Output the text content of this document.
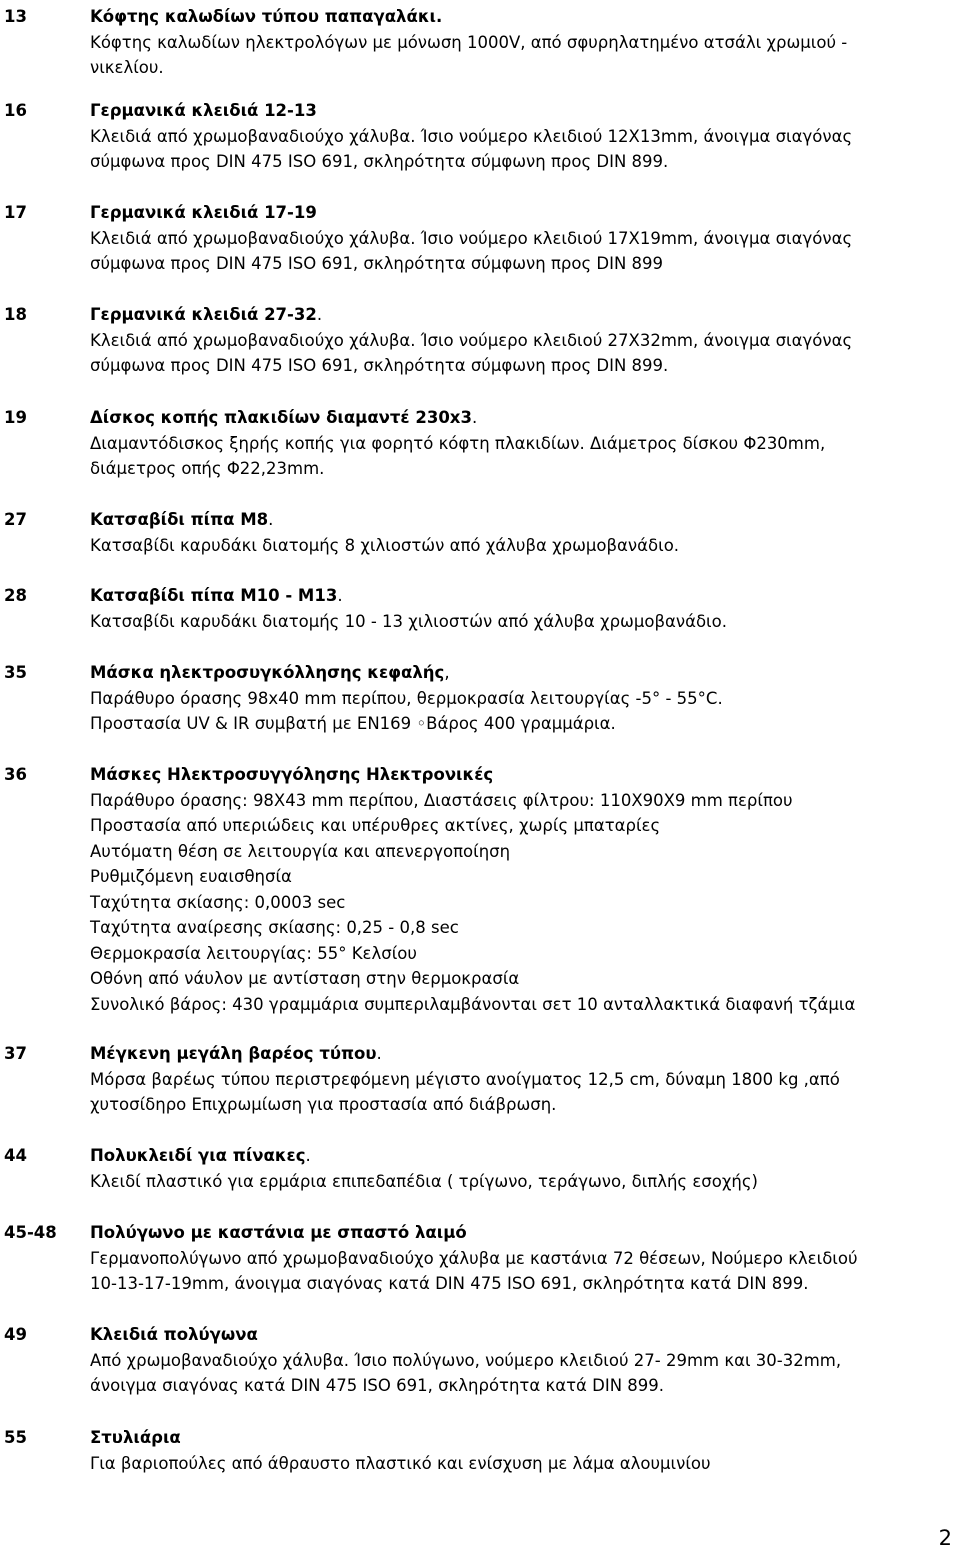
13	Κόφτης καλωδίων τύπου παπαγαλάκι.
Κόφτης καλωδίων ηλεκτρολόγων με μόνωση 1000V, από σφυρηλατημένο ατσάλι χρωμιού -
νικελίου.
16	Γερμανικά κλειδιά 12-13
Κλειδιά από χρωμοβαναδιούχο χάλυβα. Ίσιο νούμερο κλειδιού 12Χ13mm, άνοιγμα σιαγόνας
σύμφωνα προς DIN 475 ISO 691, σκληρότητα σύμφωνη προς DIN 899.
17	Γερμανικά κλειδιά 17-19
Κλειδιά από χρωμοβαναδιούχο χάλυβα. Ίσιο νούμερο κλειδιού 17Χ19mm, άνοιγμα σιαγόνας
σύμφωνα προς DIN 475 ISO 691, σκληρότητα σύμφωνη προς DIN 899
18	Γερμανικά κλειδιά 27-32.
Κλειδιά από χρωμοβαναδιούχο χάλυβα. Ίσιο νούμερο κλειδιού 27Χ32mm, άνοιγμα σιαγόνας
σύμφωνα προς DIN 475 ISO 691, σκληρότητα σύμφωνη προς DIN 899.
19	Δίσκος κοπής πλακιδίων διαμαντέ 230x3.
Διαμαντόδισκος ξηρής κοπής για φορητό κόφτη πλακιδίων. Διάμετρος δίσκου Φ230mm,
διάμετρος οπής Φ22,23mm.
27	Κατσαβίδι πίπα Μ8.
Κατσαβίδι καρυδάκι διατομής 8 χιλιοστών από χάλυβα χρωμοβανάδιο.
28	Κατσαβίδι πίπα Μ10 - Μ13.
Κατσαβίδι καρυδάκι διατομής 10 - 13 χιλιοστών από χάλυβα χρωμοβανάδιο.
35	Μάσκα ηλεκτροσυγκόλλησης κεφαλής,
Παράθυρο όρασης 98x40 mm περίπου, θερμοκρασία λειτουργίας -5° - 55°C.
Προστασία UV & IR συμβατή με EN169 ◦Βάρος 400 γραμμάρια.
36	Μάσκες Ηλεκτροσυγγόλησης Ηλεκτρονικές
Παράθυρο όρασης: 98X43 mm περίπου, Διαστάσεις φίλτρου: 110X90X9 mm περίπου
Προστασία από υπεριώδεις και υπέρυθρες ακτίνες, χωρίς μπαταρίες
Αυτόματη θέση σε λειτουργία και απενεργοποίηση
Ρυθμιζόμενη ευαισθησία
Ταχύτητα σκίασης: 0,0003 sec
Ταχύτητα αναίρεσης σκίασης: 0,25 - 0,8 sec
Θερμοκρασία λειτουργίας: 55° Κελσίου
Οθόνη από νάυλον με αντίσταση στην θερμοκρασία
Συνολικό βάρος: 430 γραμμάρια συμπεριλαμβάνονται σετ 10 ανταλλακτικά διαφανή τζάμια
37	Μέγκενη μεγάλη βαρέος τύπου.
Μόρσα βαρέως τύπου περιστρεφόμενη μέγιστο ανοίγματος 12,5 cm, δύναμη 1800 kg ,από
χυτοσίδηρο Επιχρωμίωση για προστασία από διάβρωση.
44	Πολυκλειδί για πίνακες.
Κλειδί πλαστικό για ερμάρια επιπεδαπέδια ( τρίγωνο, τεράγωνο, διπλής εσοχής)
45-48 Πολύγωνο με καστάνια με σπαστό λαιμό
Γερμανοπολύγωνο από χρωμοβαναδιούχο χάλυβα με καστάνια 72 θέσεων, Νούμερο κλειδιού
10-13-17-19mm, άνοιγμα σιαγόνας κατά DIN 475 ISO 691, σκληρότητα κατά DIN 899.
49	Κλειδιά πολύγωνα
Από χρωμοβαναδιούχο χάλυβα. Ίσιο πολύγωνο, νούμερο κλειδιού 27- 29mm και 30-32mm,
άνοιγμα σιαγόνας κατά DIN 475 ISO 691, σκληρότητα κατά DIN 899.
55	Στυλιάρια
Για βαριοπούλες από άθραυστο πλαστικό και ενίσχυση με λάμα αλουμινίου
2
